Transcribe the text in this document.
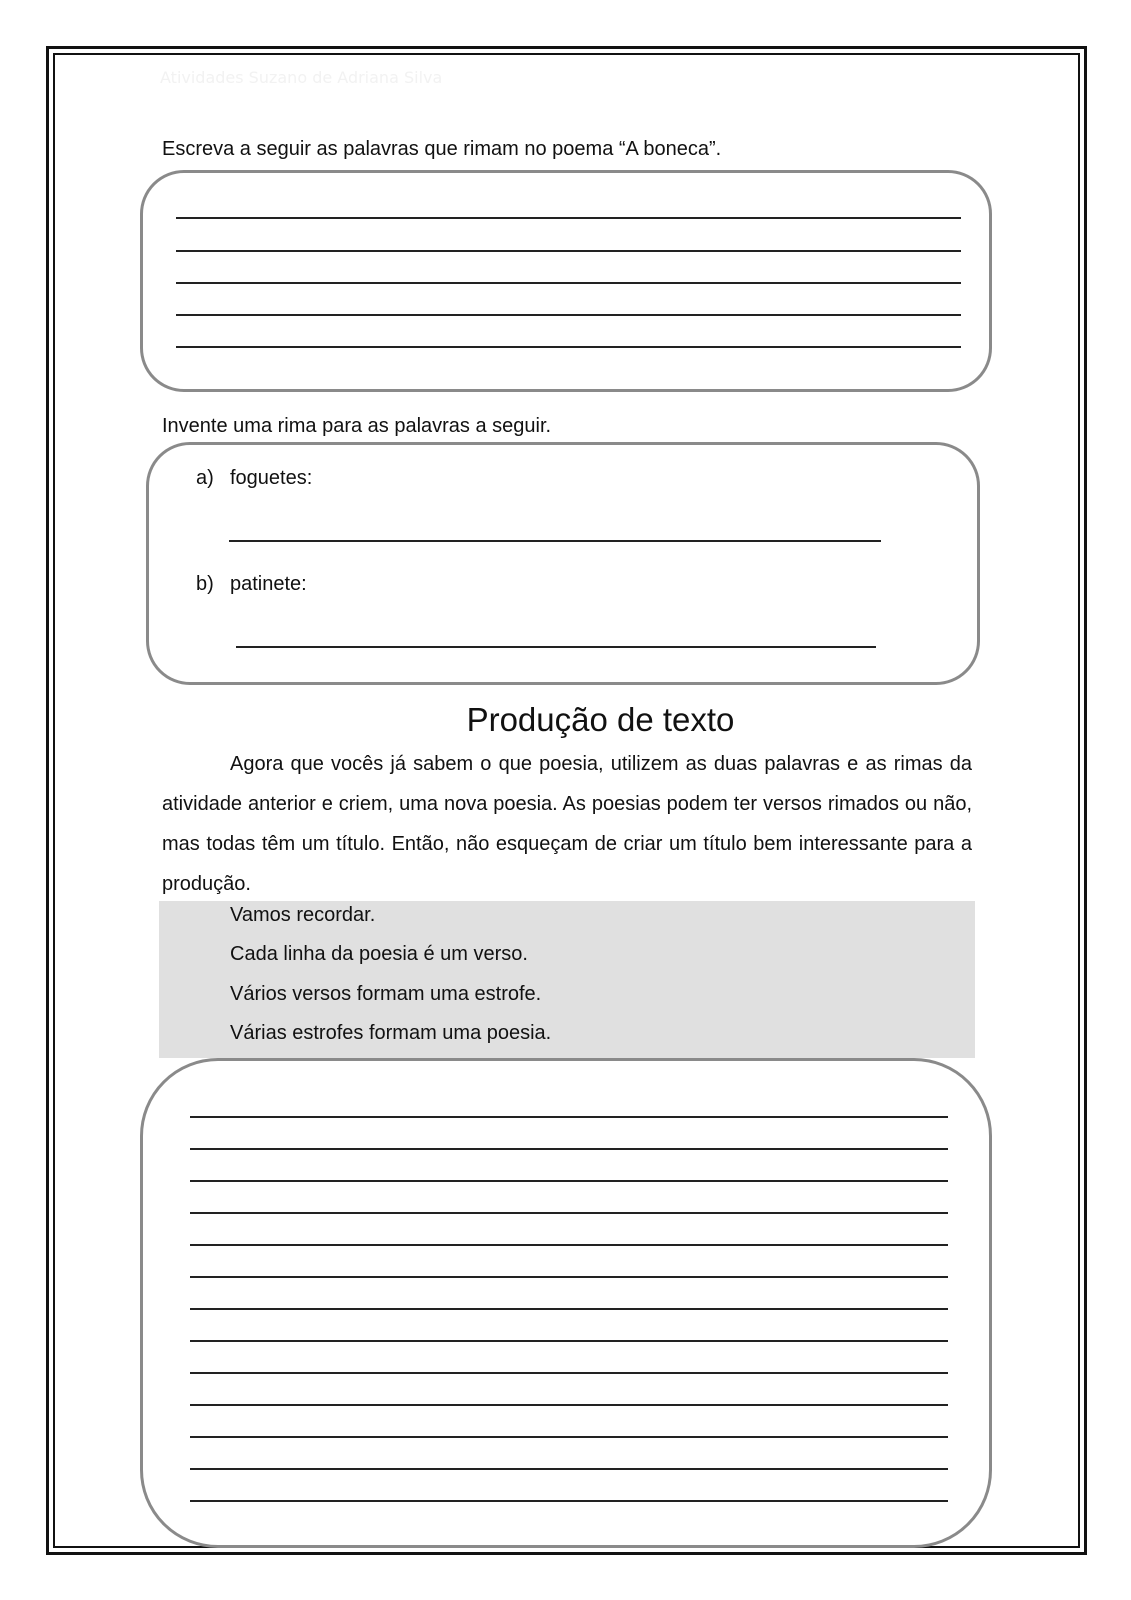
Atividades Suzano de Adriana Silva
Escreva a seguir as palavras que rimam no poema “A boneca”.
Invente uma rima para as palavras a seguir.
a) foguetes:
b) patinete:
Produção de texto
Agora que vocês já sabem o que poesia, utilizem as duas palavras e as rimas da atividade anterior e criem, uma nova poesia. As poesias podem ter versos rimados ou não, mas todas têm um título. Então, não esqueçam de criar um título bem interessante para a produção.
Vamos recordar.
Cada linha da poesia é um verso.
Vários versos formam uma estrofe.
Várias estrofes formam uma poesia.
